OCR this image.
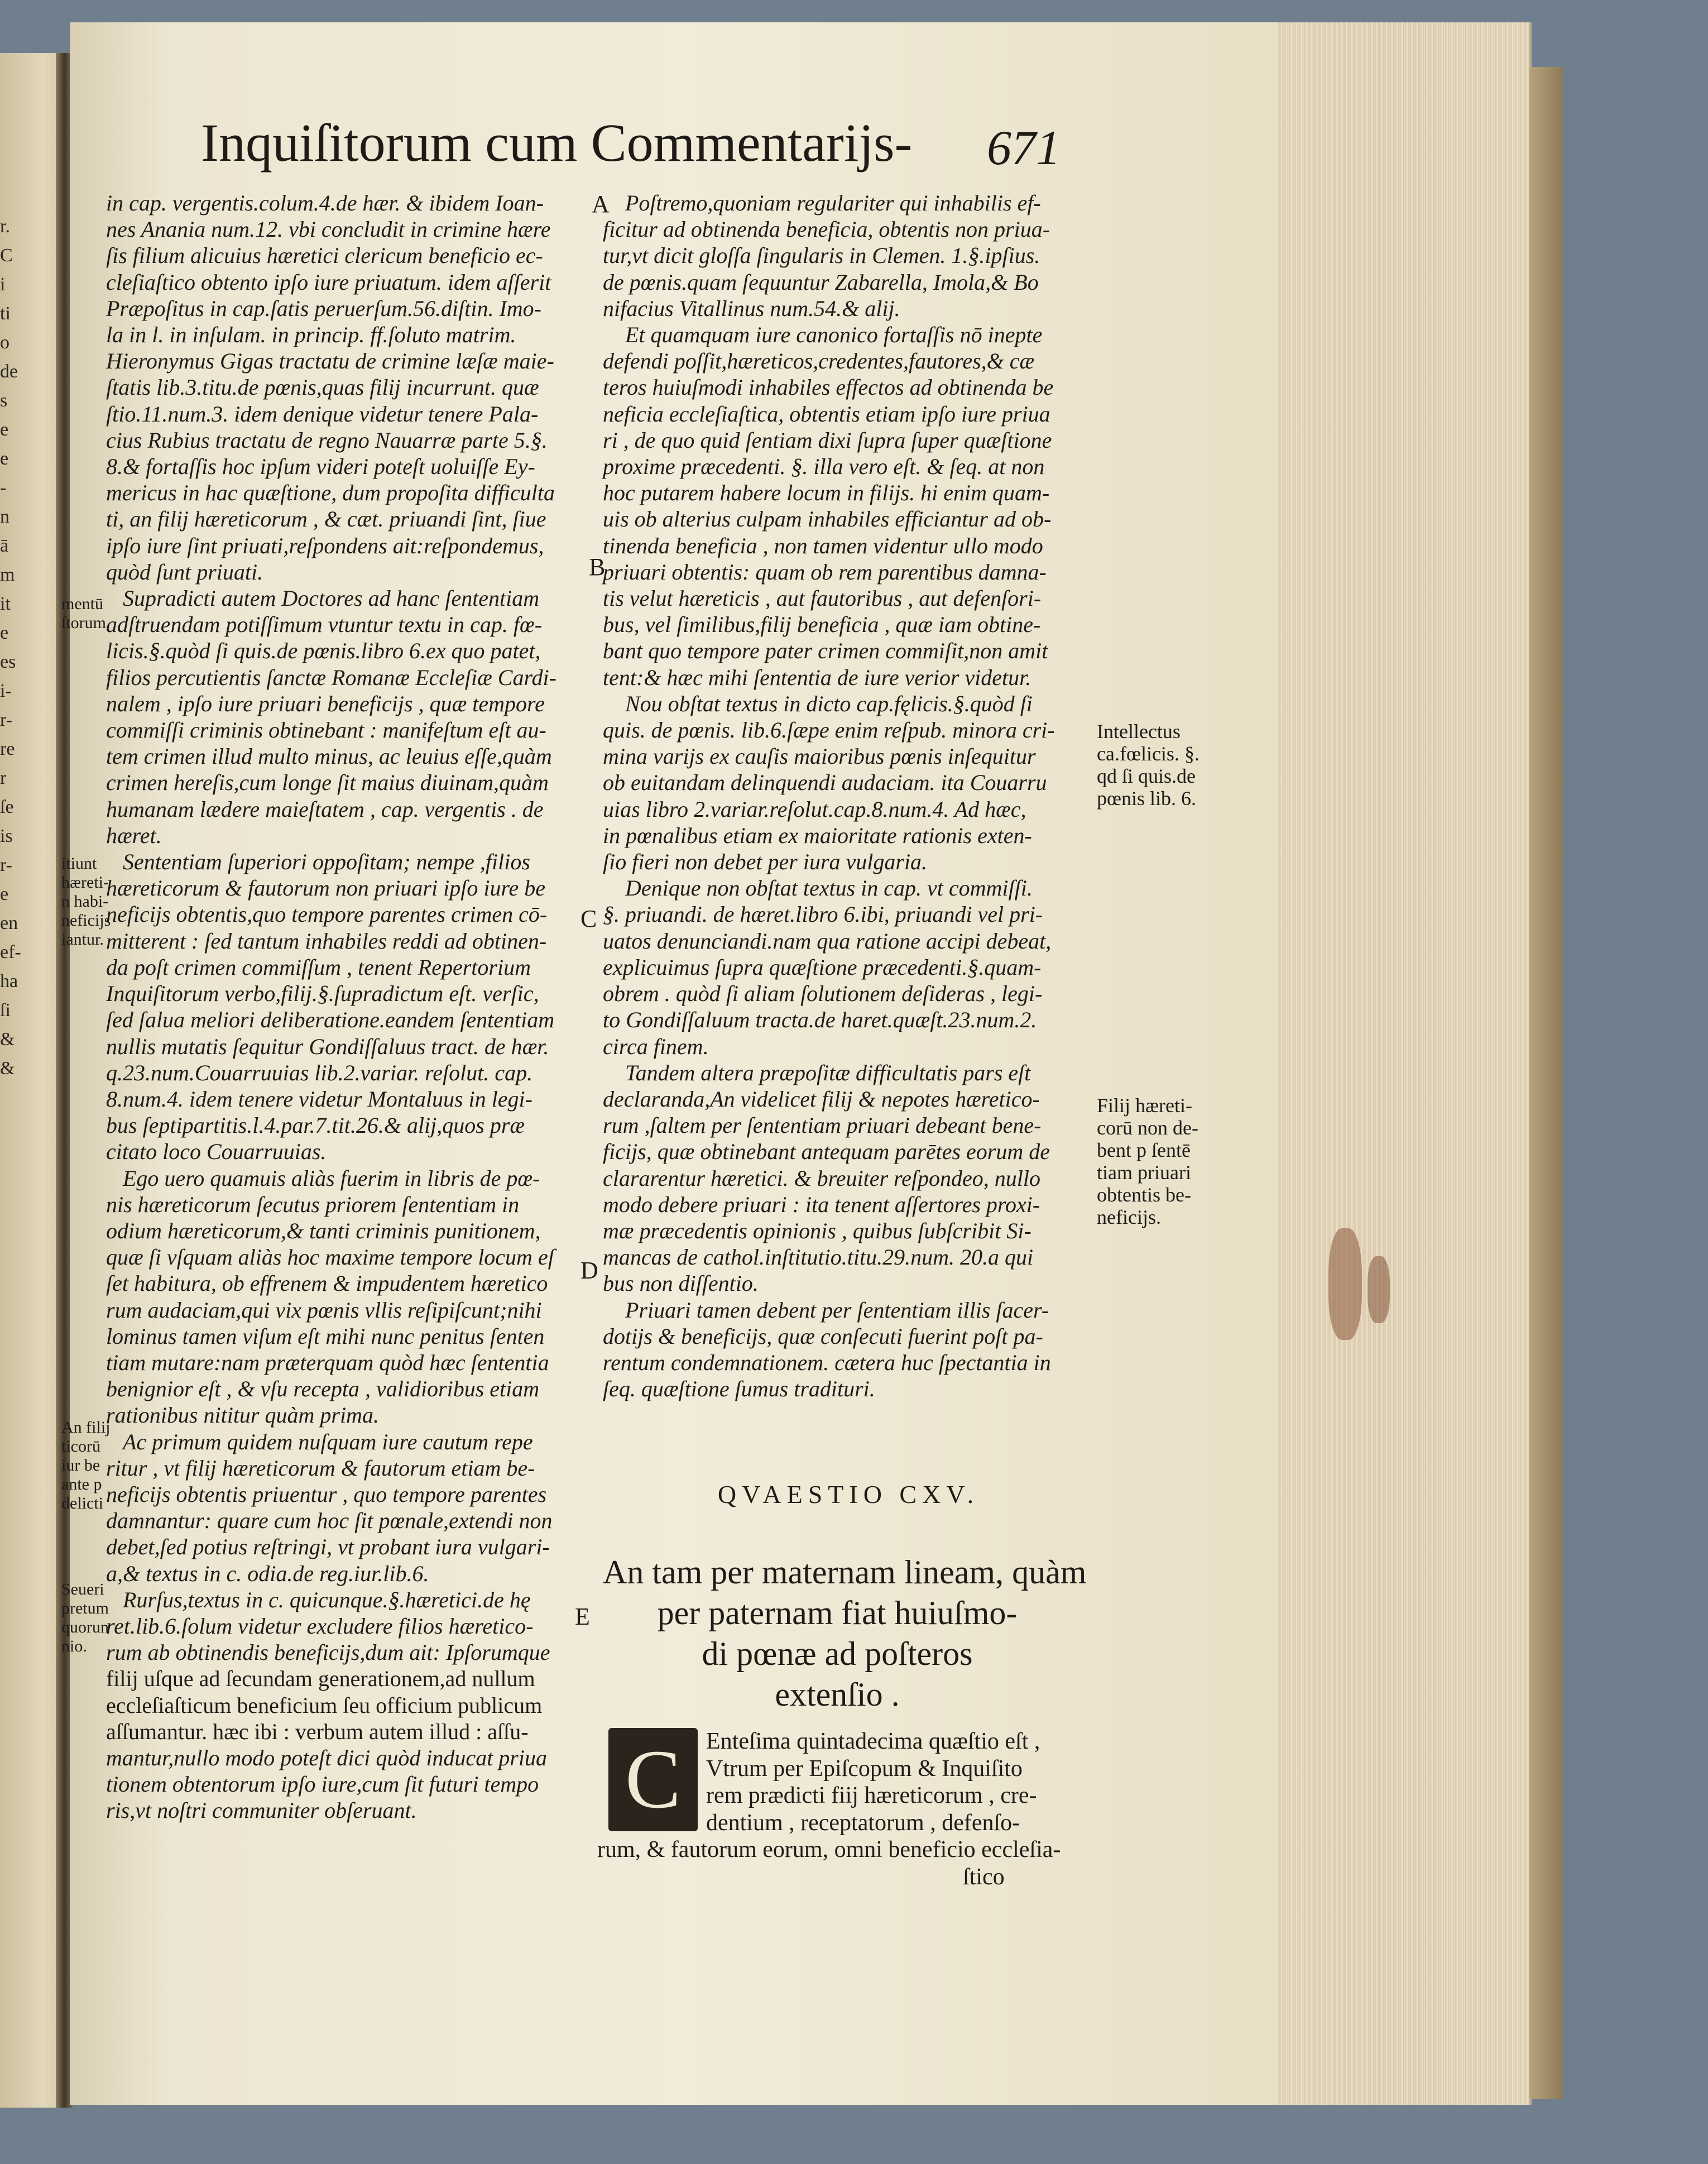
r.
C
i
ti
o
de
s
e
e
-
n
ā
m
it
e
es
i-
r-
re
r
ſe
is
r-
e
en
ef-
ha
ſi
&
&
Inquiſitorum cum Commentarijs- 671
mentū
ſtorum.
itiunt
hæreti-
n habi-
neficijs
iantur.
An filij
ticorū
iur be
ante p
delicti
Seueri
pretum
quorun
nio.

in cap. vergentis.colum.4.de hær. & ibidem Ioan-

nes Anania num.12. vbi concludit in crimine hære

ſis filium alicuius hæretici clericum beneficio ec-

cleſiaſtico obtento ipſo iure priuatum. idem aſſerit

Præpoſitus in cap.ſatis peruerſum.56.diſtin. Imo-

la in l. in inſulam. in princip. ff.ſoluto matrim.

Hieronymus Gigas tractatu de crimine læſæ maie-

ſtatis lib.3.titu.de pœnis,quas filij incurrunt. quæ

ſtio.11.num.3. idem denique videtur tenere Pala-

cius Rubius tractatu de regno Nauarræ parte 5.§.

8.& fortaſſis hoc ipſum videri poteſt uoluiſſe Ey-

mericus in hac quæſtione, dum propoſita difficulta

ti, an filij hæreticorum , & cæt. priuandi ſint, ſiue

ipſo iure ſint priuati,reſpondens ait:reſpondemus,

quòd ſunt priuati.

Supradicti autem Doctores ad hanc ſententiam

adſtruendam potiſſimum vtuntur textu in cap. fœ-

licis.§.quòd ſi quis.de pœnis.libro 6.ex quo patet,

filios percutientis ſanctæ Romanæ Eccleſiæ Cardi-

nalem , ipſo iure priuari beneficijs , quæ tempore

commiſſi criminis obtinebant : manifeſtum eſt au-

tem crimen illud multo minus, ac leuius eſſe,quàm

crimen hereſis,cum longe ſit maius diuinam,quàm

humanam lædere maieſtatem , cap. vergentis . de

hæret.

Sententiam ſuperiori oppoſitam; nempe ,filios

hæreticorum & fautorum non priuari ipſo iure be

neficijs obtentis,quo tempore parentes crimen cō-

mitterent : ſed tantum inhabiles reddi ad obtinen-

da poſt crimen commiſſum , tenent Repertorium

Inquiſitorum verbo,filij.§.ſupradictum eſt. verſic,

ſed ſalua meliori deliberatione.eandem ſententiam

nullis mutatis ſequitur Gondiſſaluus tract. de hær.

q.23.num.Couarruuias lib.2.variar. reſolut. cap.

8.num.4. idem tenere videtur Montaluus in legi-

bus ſeptipartitis.l.4.par.7.tit.26.& alij,quos præ

citato loco Couarruuias.

Ego uero quamuis aliàs fuerim in libris de pœ-

nis hæreticorum ſecutus priorem ſententiam in

odium hæreticorum,& tanti criminis punitionem,

quæ ſi vſquam aliàs hoc maxime tempore locum eſ

ſet habitura, ob effrenem & impudentem hæretico

rum audaciam,qui vix pœnis vllis reſipiſcunt;nihi

lominus tamen viſum eſt mihi nunc penitus ſenten

tiam mutare:nam præterquam quòd hæc ſententia

benignior eſt , & vſu recepta , validioribus etiam

rationibus nititur quàm prima.

Ac primum quidem nuſquam iure cautum repe

ritur , vt filij hæreticorum & fautorum etiam be-

neficijs obtentis priuentur , quo tempore parentes

damnantur: quare cum hoc ſit pœnale,extendi non

debet,ſed potius reſtringi, vt probant iura vulgari-

a,& textus in c. odia.de reg.iur.lib.6.

Rurſus,textus in c. quicunque.§.hæretici.de hę

ret.lib.6.ſolum videtur excludere filios hæretico-

rum ab obtinendis beneficijs,dum ait: Ipſorumque

filij uſque ad ſecundam generationem,ad nullum

eccleſiaſticum beneficium ſeu officium publicum

aſſumantur. hæc ibi : verbum autem illud : aſſu-

mantur,nullo modo poteſt dici quòd inducat priua

tionem obtentorum ipſo iure,cum ſit futuri tempo

ris,vt noſtri communiter obſeruant.

A
B
C
D
E

Poſtremo,quoniam regulariter qui inhabilis ef-

ficitur ad obtinenda beneficia, obtentis non priua-

tur,vt dicit gloſſa ſingularis in Clemen. 1.§.ipſius.

de pœnis.quam ſequuntur Zabarella, Imola,& Bo

nifacius Vitallinus num.54.& alij.

Et quamquam iure canonico fortaſſis nō inepte

defendi poſſit,hæreticos,credentes,fautores,& cæ

teros huiuſmodi inhabiles effectos ad obtinenda be

neficia eccleſiaſtica, obtentis etiam ipſo iure priua

ri , de quo quid ſentiam dixi ſupra ſuper quæſtione

proxime præcedenti. §. illa vero eſt. & ſeq. at non

hoc putarem habere locum in filijs. hi enim quam-

uis ob alterius culpam inhabiles efficiantur ad ob-

tinenda beneficia , non tamen videntur ullo modo

priuari obtentis: quam ob rem parentibus damna-

tis velut hæreticis , aut fautoribus , aut defenſori-

bus, vel ſimilibus,filij beneficia , quæ iam obtine-

bant quo tempore pater crimen commiſit,non amit

tent:& hæc mihi ſententia de iure verior videtur.

Nou obſtat textus in dicto cap.fęlicis.§.quòd ſi

quis. de pœnis. lib.6.ſæpe enim reſpub. minora cri-

mina varijs ex cauſis maioribus pœnis inſequitur

ob euitandam delinquendi audaciam. ita Couarru

uias libro 2.variar.reſolut.cap.8.num.4. Ad hæc,

in pœnalibus etiam ex maioritate rationis exten-

ſio fieri non debet per iura vulgaria.

Denique non obſtat textus in cap. vt commiſſi.

§. priuandi. de hæret.libro 6.ibi, priuandi vel pri-

uatos denunciandi.nam qua ratione accipi debeat,

explicuimus ſupra quæſtione præcedenti.§.quam-

obrem . quòd ſi aliam ſolutionem deſideras , legi-

to Gondiſſaluum tracta.de haret.quæſt.23.num.2.

circa finem.

Tandem altera præpoſitæ difficultatis pars eſt

declaranda,An videlicet filij & nepotes hæretico-

rum ,ſaltem per ſententiam priuari debeant bene-

ficijs, quæ obtinebant antequam parētes eorum de

clararentur hæretici. & breuiter reſpondeo, nullo

modo debere priuari : ita tenent aſſertores proxi-

mæ præcedentis opinionis , quibus ſubſcribit Si-

mancas de cathol.inſtitutio.titu.29.num. 20.a qui

bus non diſſentio.

Priuari tamen debent per ſententiam illis ſacer-

dotijs & beneficijs, quæ conſecuti fuerint poſt pa-

rentum condemnationem. cætera huc ſpectantia in

ſeq. quæſtione ſumus tradituri.

Intellectus
ca.fœlicis. §.
qd ſi quis.de
pœnis lib. 6.
Filij hæreti-
corū non de-
bent p ſentē
tiam priuari
obtentis be-
neficijs.
QVAESTIO CXV.
An tam per maternam lineam, quàm
per paternam fiat huiuſmo-
di pœnæ ad poſteros
extenſio .
C	Enteſima quintadecima quæſtio eſt ,
Vtrum per Epiſcopum & Inquiſito
rem prædicti fiij hæreticorum , cre-
dentium , receptatorum , defenſo-
rum, & fautorum eorum, omni beneficio eccleſia-
ſtico
